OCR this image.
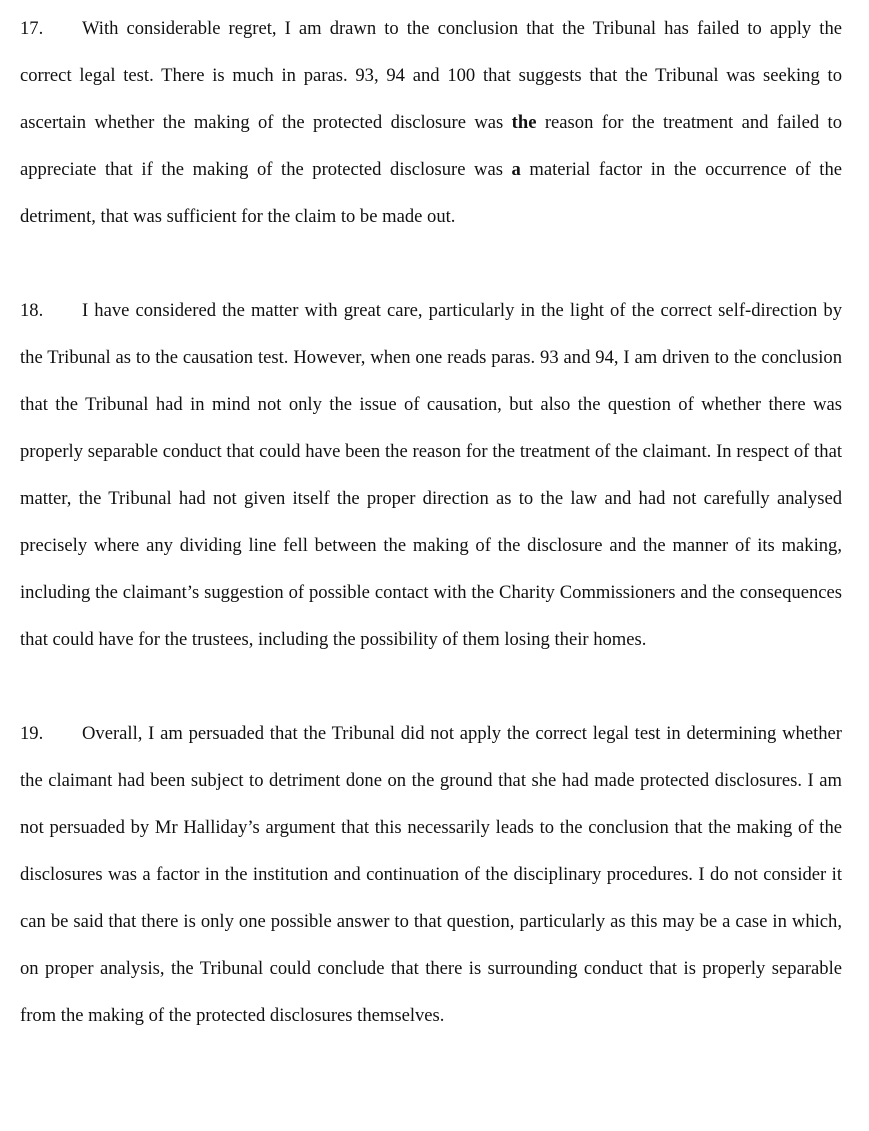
17. With considerable regret, I am drawn to the conclusion that the Tribunal has failed to apply the correct legal test. There is much in paras. 93, 94 and 100 that suggests that the Tribunal was seeking to ascertain whether the making of the protected disclosure was the reason for the treatment and failed to appreciate that if the making of the protected disclosure was a material factor in the occurrence of the detriment, that was sufficient for the claim to be made out.

18. I have considered the matter with great care, particularly in the light of the correct self-direction by the Tribunal as to the causation test. However, when one reads paras. 93 and 94, I am driven to the conclusion that the Tribunal had in mind not only the issue of causation, but also the question of whether there was properly separable conduct that could have been the reason for the treatment of the claimant. In respect of that matter, the Tribunal had not given itself the proper direction as to the law and had not carefully analysed precisely where any dividing line fell between the making of the disclosure and the manner of its making, including the claimant’s suggestion of possible contact with the Charity Commissioners and the consequences that could have for the trustees, including the possibility of them losing their homes.

19. Overall, I am persuaded that the Tribunal did not apply the correct legal test in determining whether the claimant had been subject to detriment done on the ground that she had made protected disclosures. I am not persuaded by Mr Halliday’s argument that this necessarily leads to the conclusion that the making of the disclosures was a factor in the institution and continuation of the disciplinary procedures. I do not consider it can be said that there is only one possible answer to that question, particularly as this may be a case in which, on proper analysis, the Tribunal could conclude that there is surrounding conduct that is properly separable from the making of the protected disclosures themselves.
